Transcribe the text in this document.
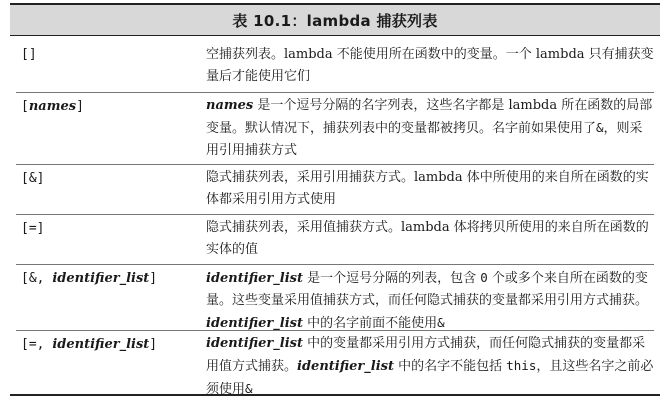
表 10.1：lambda 捕获列表
[]	空捕获列表。lambda 不能使用所在函数中的变量。一个 lambda 只有捕获变量后才能使用它们
[names]	names 是一个逗号分隔的名字列表，这些名字都是 lambda 所在函数的局部变量。默认情况下，捕获列表中的变量都被拷贝。名字前如果使用了&，则采用引用捕获方式
[&]	隐式捕获列表，采用引用捕获方式。lambda 体中所使用的来自所在函数的实体都采用引用方式使用
[=]	隐式捕获列表，采用值捕获方式。lambda 体将拷贝所使用的来自所在函数的实体的值
[&, identifier_list]	identifier_list 是一个逗号分隔的列表，包含 0 个或多个来自所在函数的变量。这些变量采用值捕获方式，而任何隐式捕获的变量都采用引用方式捕获。identifier_list 中的名字前面不能使用&
[=, identifier_list]	identifier_list 中的变量都采用引用方式捕获，而任何隐式捕获的变量都采用值方式捕获。identifier_list 中的名字不能包括 this，且这些名字之前必须使用&
